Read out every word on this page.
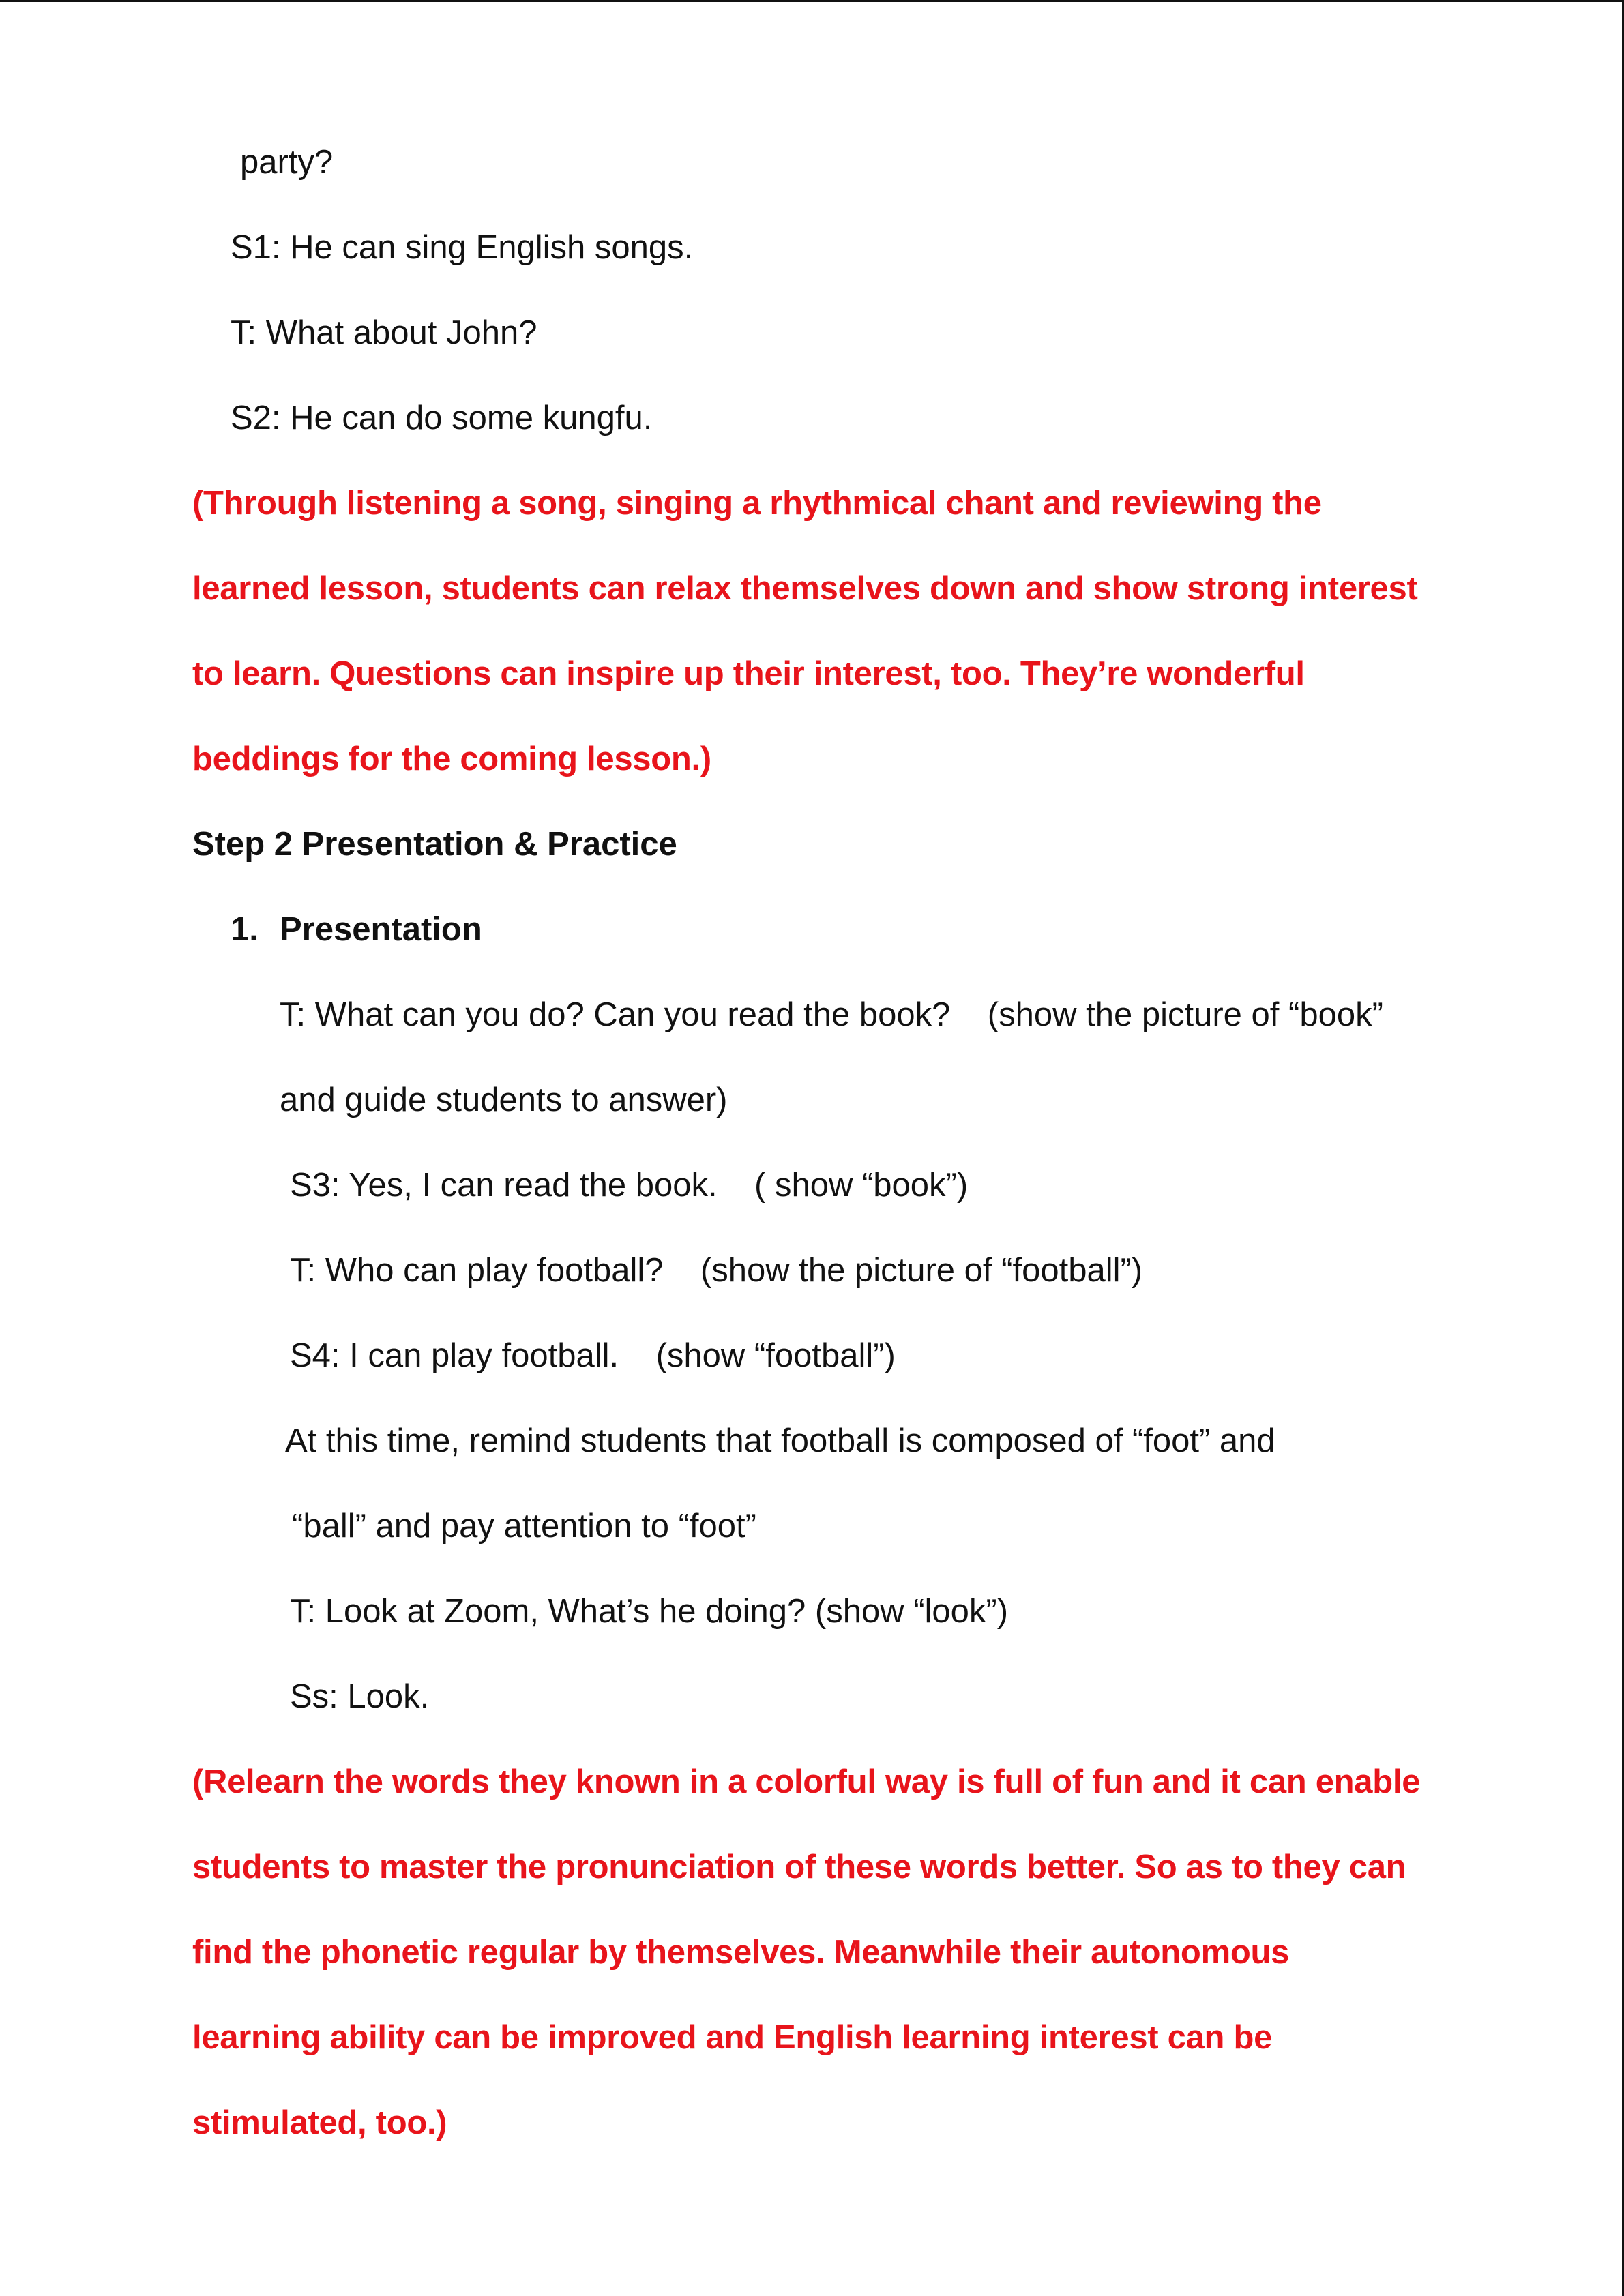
party?
S1: He can sing English songs.
T: What about John?
S2: He can do some kungfu.
(Through listening a song, singing a rhythmical chant and reviewing the
learned lesson, students can relax themselves down and show strong interest
to learn. Questions can inspire up their interest, too. They’re wonderful
beddings for the coming lesson.)
Step 2 Presentation & Practice
1. Presentation
T: What can you do? Can you read the book?    (show the picture of “book”
and guide students to answer)
S3: Yes, I can read the book.    ( show “book”)
T: Who can play football?    (show the picture of “football”)
S4: I can play football.    (show “football”)
At this time, remind students that football is composed of “foot” and
“ball” and pay attention to “foot”
T: Look at Zoom, What’s he doing? (show “look”)
Ss: Look.
(Relearn the words they known in a colorful way is full of fun and it can enable
students to master the pronunciation of these words better. So as to they can
find the phonetic regular by themselves. Meanwhile their autonomous
learning ability can be improved and English learning interest can be
stimulated, too.)
